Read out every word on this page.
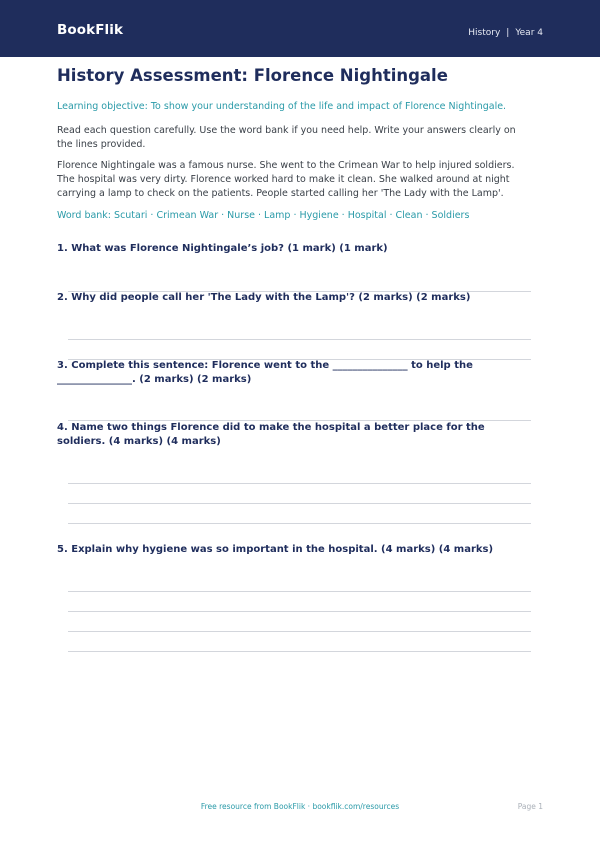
BookFlik	History | Year 4
History Assessment: Florence Nightingale
Learning objective: To show your understanding of the life and impact of Florence Nightingale.
Read each question carefully. Use the word bank if you need help. Write your answers clearly on the lines provided.
Florence Nightingale was a famous nurse. She went to the Crimean War to help injured soldiers. The hospital was very dirty. Florence worked hard to make it clean. She walked around at night carrying a lamp to check on the patients. People started calling her 'The Lady with the Lamp'.
Word bank: Scutari · Crimean War · Nurse · Lamp · Hygiene · Hospital · Clean · Soldiers
1. What was Florence Nightingale’s job? (1 mark) (1 mark)
2. Why did people call her 'The Lady with the Lamp'? (2 marks) (2 marks)
3. Complete this sentence: Florence went to the _______________ to help the _______________. (2 marks) (2 marks)
4. Name two things Florence did to make the hospital a better place for the soldiers. (4 marks) (4 marks)
5. Explain why hygiene was so important in the hospital. (4 marks) (4 marks)
Free resource from BookFlik · bookflik.com/resources	Page 1
